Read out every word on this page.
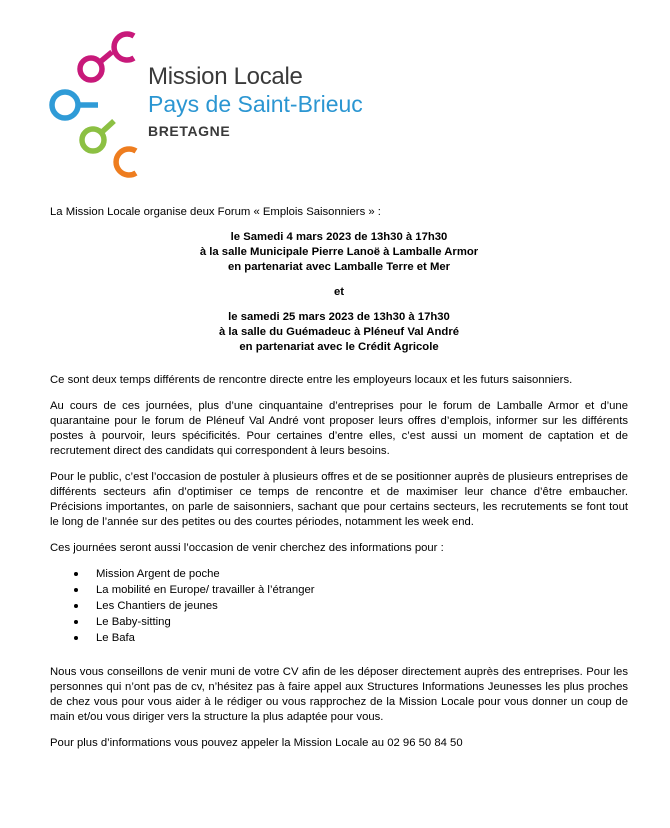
Mission Locale
Pays de Saint-Brieuc
BRETAGNE

La Mission Locale organise deux Forum « Emplois Saisonniers » :

le Samedi 4 mars 2023 de 13h30 à 17h30

à la salle Municipale Pierre Lanoë à Lamballe Armor

en partenariat avec Lamballe Terre et Mer

et

le samedi 25 mars 2023 de 13h30 à 17h30

à la salle du Guémadeuc à Pléneuf Val André

en partenariat avec le Crédit Agricole

Ce sont deux temps différents de rencontre directe entre les employeurs locaux et les futurs saisonniers.

Au cours de ces journées, plus d’une cinquantaine d’entreprises pour le forum de Lamballe Armor et d’une quarantaine pour le forum de Pléneuf Val André vont proposer leurs offres d’emplois, informer sur les différents postes à pourvoir, leurs spécificités. Pour certaines d’entre elles, c’est aussi un moment de captation et de recrutement direct des candidats qui correspondent à leurs besoins.

Pour le public, c’est l’occasion de postuler à plusieurs offres et de se positionner auprès de plusieurs entreprises de différents secteurs afin d’optimiser ce temps de rencontre et de maximiser leur chance d’être embaucher. Précisions importantes, on parle de saisonniers, sachant que pour certains secteurs, les recrutements se font tout le long de l’année sur des petites ou des courtes périodes, notamment les week end.

Ces journées seront aussi l’occasion de venir cherchez des informations pour :

Mission Argent de poche
La mobilité en Europe/ travailler à l’étranger
Les Chantiers de jeunes
Le Baby-sitting
Le Bafa

Nous vous conseillons de venir muni de votre CV afin de les déposer directement auprès des entreprises. Pour les personnes qui n’ont pas de cv, n’hésitez pas à faire appel aux Structures Informations Jeunesses les plus proches de chez vous pour vous aider à le rédiger ou vous rapprochez de la Mission Locale pour vous donner un coup de main et/ou vous diriger vers la structure la plus adaptée pour vous.

Pour plus d’informations vous pouvez appeler la Mission Locale au 02 96 50 84 50
